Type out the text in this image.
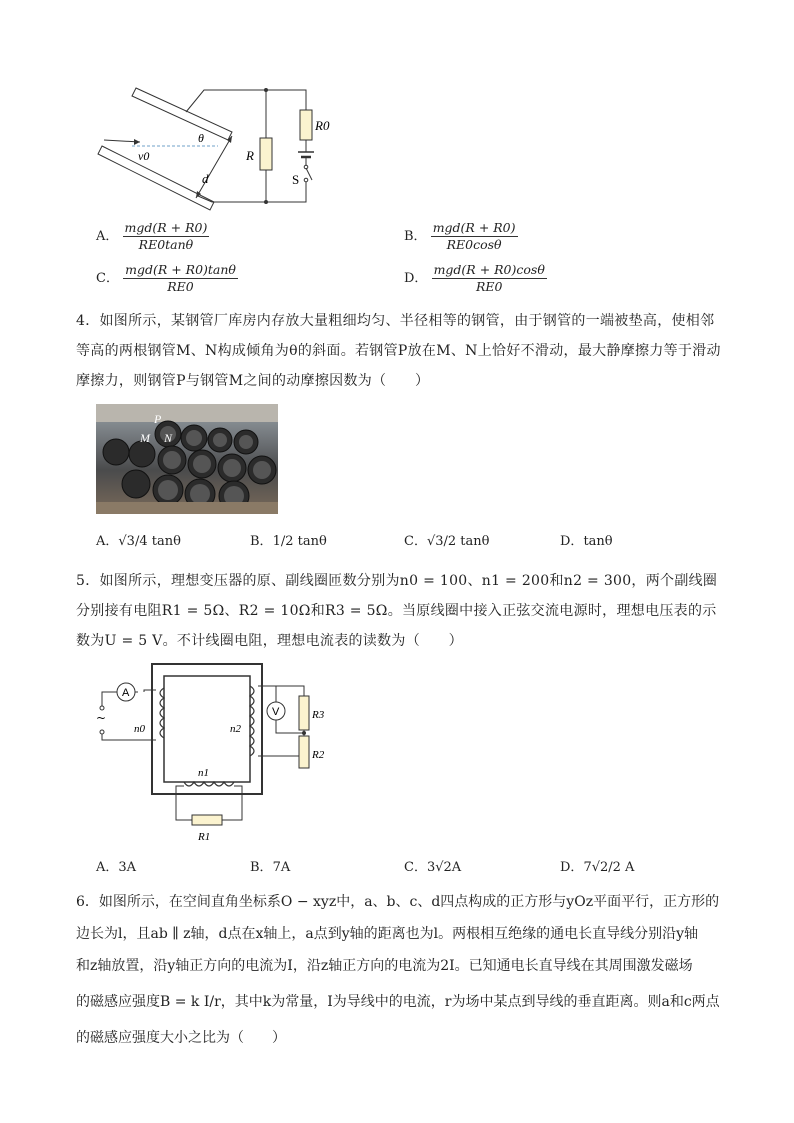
R
R0
S
v0
θ
d
A． $\frac{\text{mgd(R + R0)}}{RE0\tan\theta}$	B． $\frac{\text{mgd(R + R0)}}{RE0\cos\theta}$
C． $\frac{\text{mgd(R + R0)tanθ}}{RE0}$	D． $\frac{\text{mgd(R + R0)cosθ}}{RE0}$
4．如图所示，某钢管厂库房内存放大量粗细均匀、半径相等的钢管，由于钢管的一端被垫高，使相邻等高的两根钢管M、N构成倾角为θ的斜面。若钢管P放在M、N上恰好不滑动，最大静摩擦力等于滑动摩擦力，则钢管P与钢管M之间的动摩擦因数为（　　）
P
M N
A．√3/4 tanθ	B．1/2 tanθ	C．√3/2 tanθ	D．tanθ
5．如图所示，理想变压器的原、副线圈匝数分别为n0 = 100、n1 = 200和n2 = 300，两个副线圈分别接有电阻R1 = 5Ω、R2 = 10Ω和R3 = 5Ω。当原线圈中接入正弦交流电源时，理想电压表的示数为U = 5 V。不计线圈电阻，理想电流表的读数为（　　）
A
~
n0	n2
R3
R2
V
n1
R1
A．3A	B．7A	C．3√2A	D．7√2/2 A
6．如图所示，在空间直角坐标系O − xyz中，a、b、c、d四点构成的正方形与yOz平面平行，正方形的
边长为l，且ab ∥ z轴，d点在x轴上，a点到y轴的距离也为l。两根相互绝缘的通电长直导线分别沿y轴
和z轴放置，沿y轴正方向的电流为I，沿z轴正方向的电流为2I。已知通电长直导线在其周围激发磁场
的磁感应强度B = k I/r，其中k为常量，I为导线中的电流，r为场中某点到导线的垂直距离。则a和c两点
的磁感应强度大小之比为（　　）
